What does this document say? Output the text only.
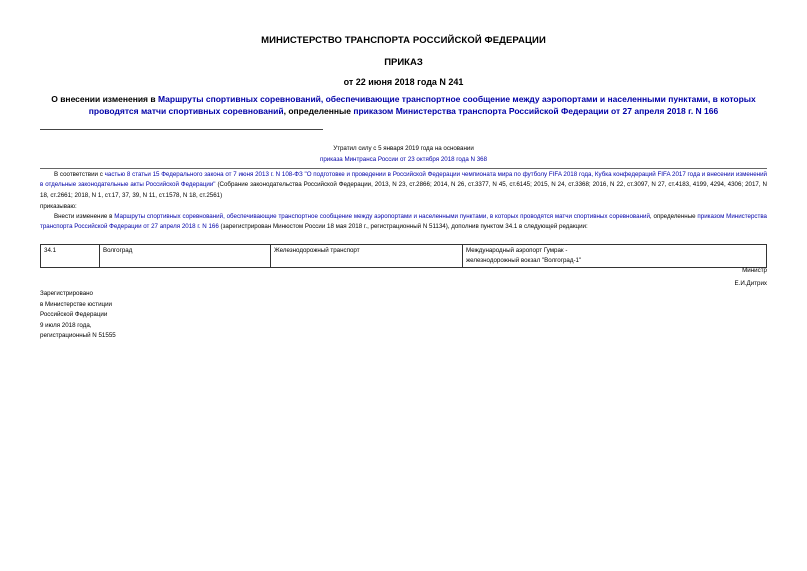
МИНИСТЕРСТВО ТРАНСПОРТА РОССИЙСКОЙ ФЕДЕРАЦИИ
ПРИКАЗ
от 22 июня 2018 года N 241
О внесении изменения в Маршруты спортивных соревнований, обеспечивающие транспортное сообщение между аэропортами и населенными пунктами, в которых проводятся матчи спортивных соревнований, определенные приказом Министерства транспорта Российской Федерации от 27 апреля 2018 г. N 166
Утратил силу с 5 января 2019 года на основании
приказа Минтранса России от 23 октября 2018 года N 368
В соответствии с частью 8 статьи 15 Федерального закона от 7 июня 2013 г. N 108-ФЗ "О подготовке и проведении в Российской Федерации чемпионата мира по футболу FIFA 2018 года, Кубка конфедераций FIFA 2017 года и внесении изменений в отдельные законодательные акты Российской Федерации" (Собрание законодательства Российской Федерации, 2013, N 23, ст.2866; 2014, N 26, ст.3377, N 45, ст.6145; 2015, N 24, ст.3368; 2016, N 22, ст.3097, N 27, ст.4183, 4199, 4294, 4306; 2017, N 18, ст.2661; 2018, N 1, ст.17, 37, 39, N 11, ст.1578, N 18, ст.2561)
приказываю:
Внести изменение в Маршруты спортивных соревнований, обеспечивающие транспортное сообщение между аэропортами и населенными пунктами, в которых проводятся матчи спортивных соревнований, определенные приказом Министерства транспорта Российской Федерации от 27 апреля 2018 г. N 166 (зарегистрирован Минюстом России 18 мая 2018 г., регистрационный N 51134), дополнив пунктом 34.1 в следующей редакции:
34.1	Волгоград	Железнодорожный транспорт	Международный аэропорт Гумрак -
железнодорожный вокзал "Волгоград-1"
Министр
Е.И.Дитрих
Зарегистрировано
в Министерстве юстиции
Российской Федерации
9 июля 2018 года,
регистрационный N 51555
